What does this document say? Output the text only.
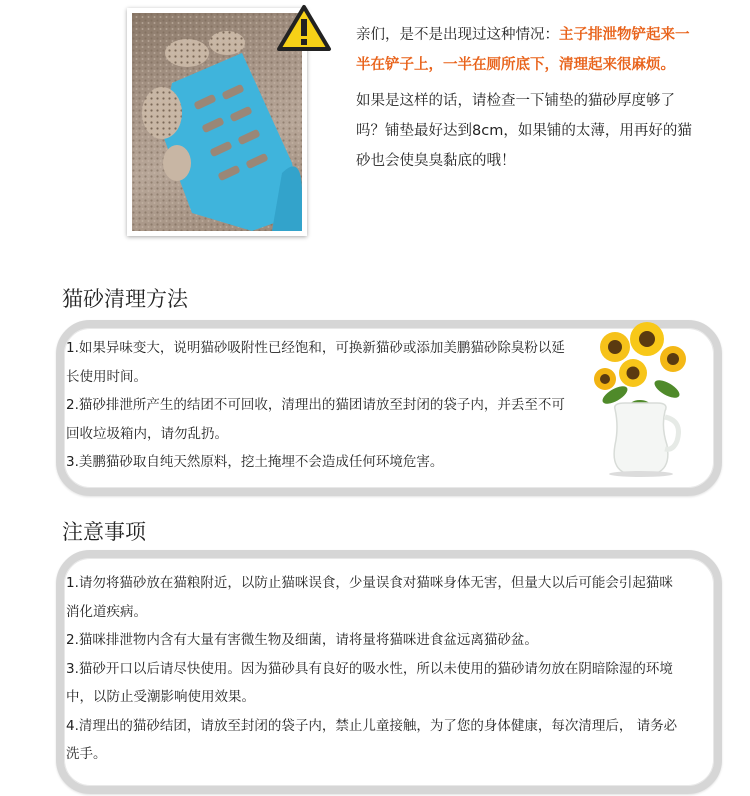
亲们，是不是出现过这种情况：主子排泄物铲起来一半在铲子上，一半在厕所底下，清理起来很麻烦。
如果是这样的话，请检查一下铺垫的猫砂厚度够了吗？铺垫最好达到8cm，如果铺的太薄，用再好的猫砂也会使臭臭黏底的哦！
猫砂清理方法

1.如果异味变大，说明猫砂吸附性已经饱和，可换新猫砂或添加美鹏猫砂除臭粉以延长使用时间。

2.猫砂排泄所产生的结团不可回收，清理出的猫团请放至封闭的袋子内，并丢至不可回收垃圾箱内，请勿乱扔。

3.美鹏猫砂取自纯天然原料，挖土掩埋不会造成任何环境危害。

注意事项

1.请勿将猫砂放在猫粮附近，以防止猫咪误食，少量误食对猫咪身体无害，但量大以后可能会引起猫咪消化道疾病。

2.猫咪排泄物内含有大量有害微生物及细菌，请将量将猫咪进食盆远离猫砂盆。

3.猫砂开口以后请尽快使用。因为猫砂具有良好的吸水性，所以未使用的猫砂请勿放在阴暗除湿的环境中，以防止受潮影响使用效果。

4.清理出的猫砂结团，请放至封闭的袋子内，禁止儿童接触，为了您的身体健康，每次清理后， 请务必洗手。
